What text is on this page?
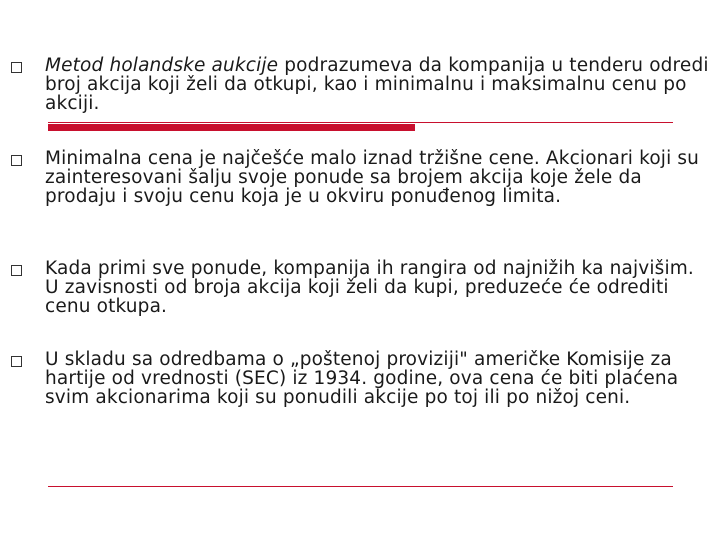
Metod holandske aukcije podrazumeva da kompanija u tenderu odredi broj akcija koji želi da otkupi, kao i minimalnu i maksimalnu cenu po akciji.
Minimalna cena je najčešće malo iznad tržišne cene. Akcionari koji su zainteresovani šalju svoje ponude sa brojem akcija koje žele da prodaju i svoju cenu koja je u okviru ponuđenog limita.
Kada primi sve ponude, kompanija ih rangira od najnižih ka najvišim. U zavisnosti od broja akcija koji želi da kupi, preduzeće će odrediti cenu otkupa.
U skladu sa odredbama o „poštenoj proviziji" američke Komisije za hartije od vrednosti (SEC) iz 1934. godine, ova cena će biti plaćena svim akcionarima koji su ponudili akcije po toj ili po nižoj ceni.
